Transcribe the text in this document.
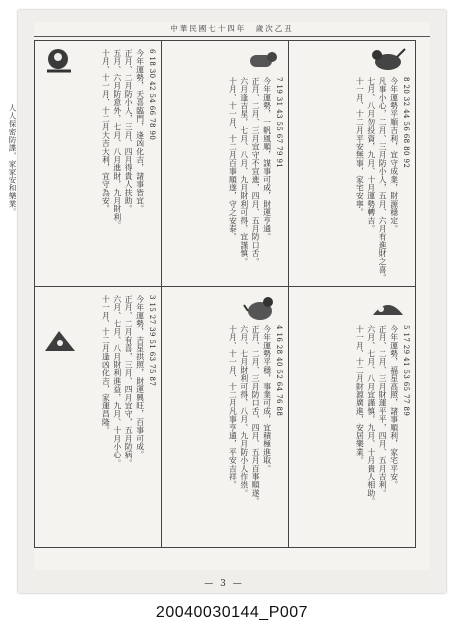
中華民國七十四年　歲次乙丑

8 20 32 44 56 68 80 92

今年運勢平順吉利，宜守成業，財源穩定。

凡事小心，二月、三月防小人，五月、六月有進財之喜。

七月、八月勿投資，九月、十月運勢轉吉。

十一月、十二月平安無事，家宅安寧。

7 19 31 43 55 67 79 91

今年運勢，一帆風順，謀事可成，財運亨通。

正月、二月、三月宜守不宜進，四月、五月防口舌。

六月逢吉星，七月、八月、九月財利可得，宜謹慎。

十月、十一月、十二月百事順遂，守之安泰。

6 18 30 42 54 66 78 90

今年運勢，天喜臨門，逢凶化吉，諸事皆宜。

正月、二月防小人，三月、四月得貴人扶助。

五月、六月防意外，七月、八月進財，九月財利。

十月、十一月、十二月大吉大利，宜守為安。

5 17 29 41 53 65 77 89

今年運勢，福星高照，諸事順利，家宅平安。

正月、二月、三月財運平平，四月、五月吉利。

六月、七月、八月宜謹慎，九月、十月貴人相助。

十一月、十二月財源廣進，安居樂業。

4 16 28 40 52 64 76 88

今年運勢平穩，事業可成，宜積極進取。

正月、二月、三月防口舌，四月、五月百事順遂。

六月、七月財利可得，八月、九月防小人作祟。

十月、十一月、十二月凡事亨通，平安吉祥。

3 15 27 39 51 63 75 87

今年運勢，吉星拱照，財運興旺，百事可成。

正月、二月有喜，三月、四月宜守，五月防病。

六月、七月、八月財利進益，九月、十月小心。

十一月、十二月逢凶化吉，家運昌隆。

— 3 —

人人保密防諜，家家安和樂業。

20040030144_P007
